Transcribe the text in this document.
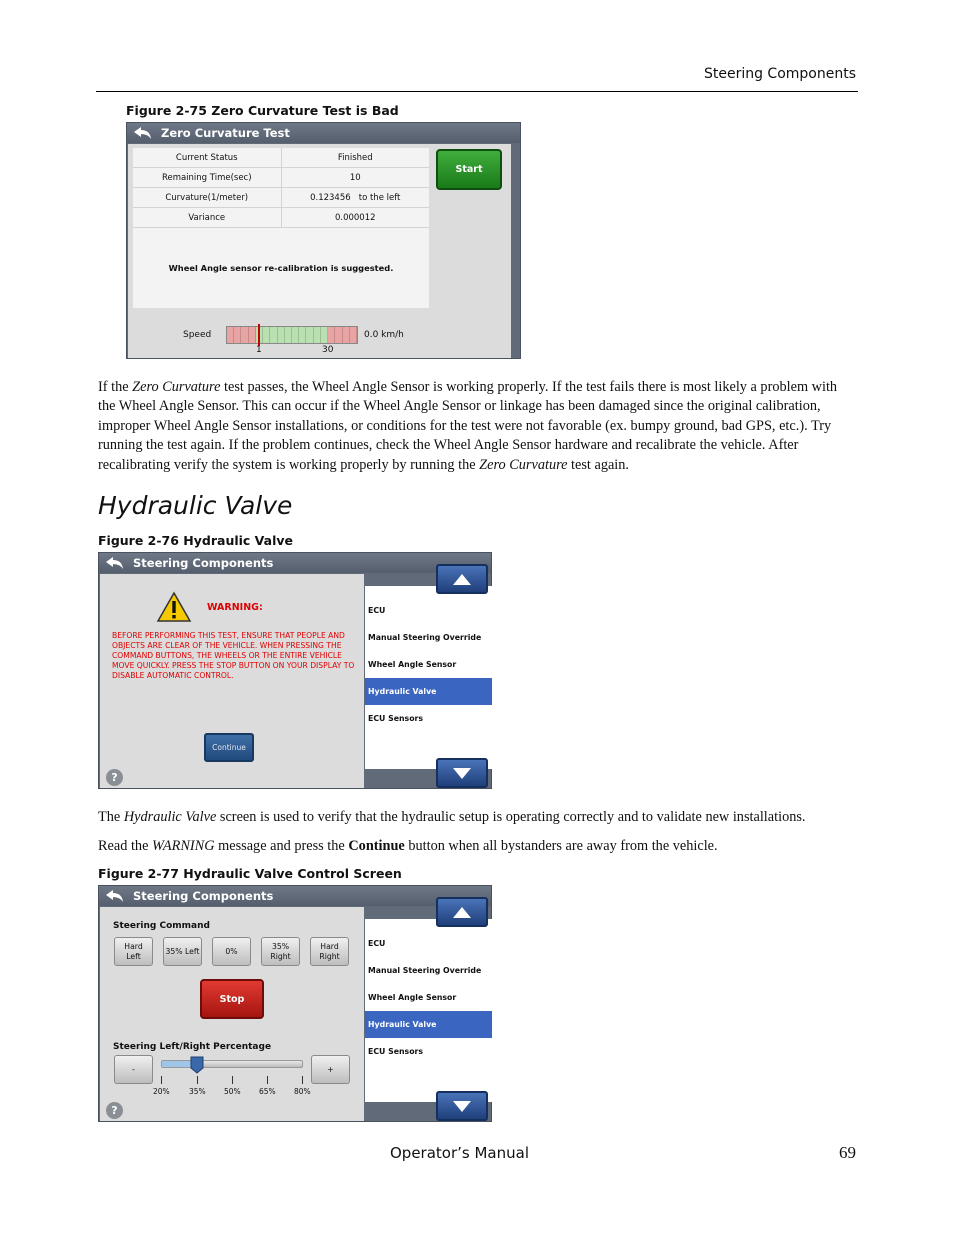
Steering Components
Figure 2-75 Zero Curvature Test is Bad
Zero Curvature Test
Current Status	Finished
Remaining Time(sec)	10
Curvature(1/meter)	0.123456   to the left
Variance	0.000012
Wheel Angle sensor re-calibration is suggested.
Start
Speed	0.0 km/h
1	30
If the Zero Curvature test passes, the Wheel Angle Sensor is working properly. If the test fails there is most likely a problem with the Wheel Angle Sensor. This can occur if the Wheel Angle Sensor or linkage has been damaged since the original calibration, improper Wheel Angle Sensor installations, or conditions for the test were not favorable (ex. bumpy ground, bad GPS, etc.). Try running the test again. If the problem continues, check the Wheel Angle Sensor hardware and recalibrate the vehicle. After recalibrating verify the system is working properly by running the Zero Curvature test again.
Hydraulic Valve
Figure 2-76 Hydraulic Valve
Steering Components
WARNING:
BEFORE PERFORMING THIS TEST, ENSURE THAT PEOPLE AND OBJECTS ARE CLEAR OF THE VEHICLE. WHEN PRESSING THE COMMAND BUTTONS, THE WHEELS OR THE ENTIRE VEHICLE MOVE QUICKLY. PRESS THE STOP BUTTON ON YOUR DISPLAY TO DISABLE AUTOMATIC CONTROL.
Continue
?
ECU
Manual Steering Override
Wheel Angle Sensor
Hydraulic Valve
ECU Sensors
The Hydraulic Valve screen is used to verify that the hydraulic setup is operating correctly and to validate new installations.
Read the WARNING message and press the Continue button when all bystanders are away from the vehicle.
Figure 2-77 Hydraulic Valve Control Screen
Steering Components
Steering Command
Hard
Left
35% Left	0%
35%
Right
Hard
Right
Stop
Steering Left/Right Percentage
-	+
20%	35% 50% 65% 80%
?
ECU
Manual Steering Override
Wheel Angle Sensor
Hydraulic Valve
ECU Sensors
Operator’s Manual	69
